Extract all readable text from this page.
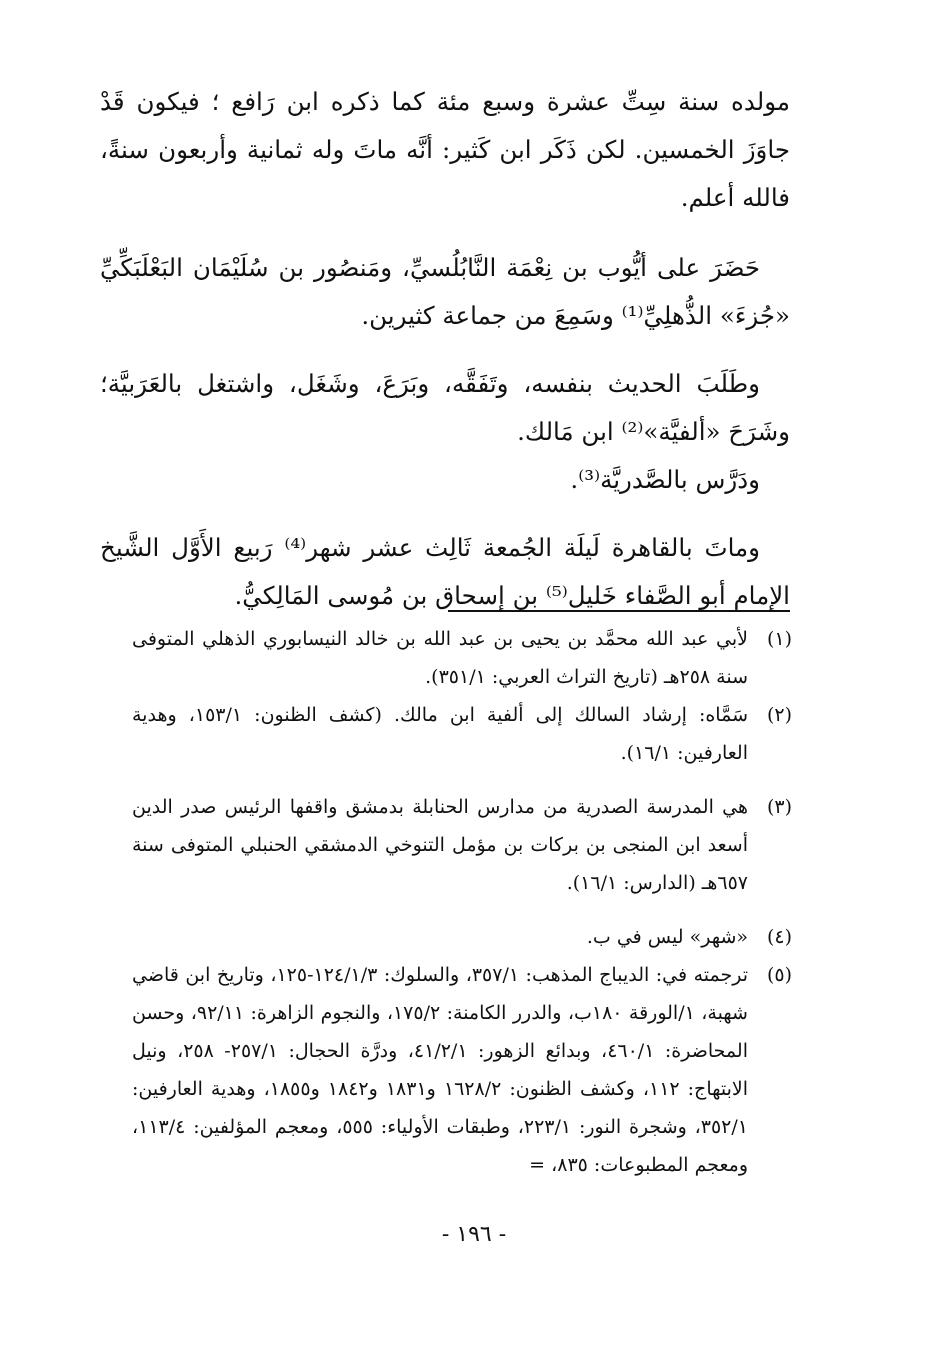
مولده سنة سِتِّ عشرة وسبع مئة كما ذكره ابن رَافع ؛ فيكون قَدْ جاوَزَ الخمسين. لكن ذَكَر ابن كَثير: أنَّه ماتَ وله ثمانية وأربعون سنةً، فالله أعلم.

حَضَرَ على أيُّوب بن نِعْمَة النَّابُلُسيِّ، ومَنصُور بن سُلَيْمَان البَعْلَبَكِّيِّ «جُزءَ» الذُّهلِيِّ⁽¹⁾ وسَمِعَ من جماعة كثيرين.

وطَلَبَ الحديث بنفسه، وتَفَقَّه، وبَرَعَ، وشَغَل، واشتغل بالعَرَبيَّة؛ وشَرَحَ «ألفيَّة»⁽²⁾ ابن مَالك.

ودَرَّس بالصَّدريَّة⁽³⁾.

وماتَ بالقاهرة لَيلَة الجُمعة ثَالِث عشر شهر⁽⁴⁾ رَبيع الأَوَّل الشَّيخ الإمام أبو الصَّفاء خَليل⁽⁵⁾ بن إسحاق بن مُوسى المَالِكيُّ.

(١)
لأبي عبد الله محمَّد بن يحيى بن عبد الله بن خالد النيسابوري الذهلي المتوفى سنة ٢٥٨هـ (تاريخ التراث العربي: ٣٥١/١).

(٢)
سَمَّاه: إرشاد السالك إلى ألفية ابن مالك. (كشف الظنون: ١٥٣/١، وهدية العارفين: ١٦/١).

(٣)
هي المدرسة الصدرية من مدارس الحنابلة بدمشق واقفها الرئيس صدر الدين أسعد ابن المنجى بن بركات بن مؤمل التنوخي الدمشقي الحنبلي المتوفى سنة ٦٥٧هـ (الدارس: ١٦/١).

(٤)
«شهر» ليس في ب.

(٥)
ترجمته في: الديباج المذهب: ٣٥٧/١، والسلوك: ١٢٤/١/٣-١٢٥، وتاريخ ابن قاضي شهبة، ١/الورقة ١٨٠ب، والدرر الكامنة: ١٧٥/٢، والنجوم الزاهرة: ٩٢/١١، وحسن المحاضرة: ٤٦٠/١، وبدائع الزهور: ٤١/٢/١، ودرَّة الحجال: ٢٥٧/١- ٢٥٨، ونيل الابتهاج: ١١٢، وكشف الظنون: ١٦٢٨/٢ و١٨٣١ و١٨٤٢ و١٨٥٥، وهدية العارفين: ٣٥٢/١، وشجرة النور: ٢٢٣/١، وطبقات الأولياء: ٥٥٥، ومعجم المؤلفين: ١١٣/٤، ومعجم المطبوعات: ٨٣٥، =

- ١٩٦ -
